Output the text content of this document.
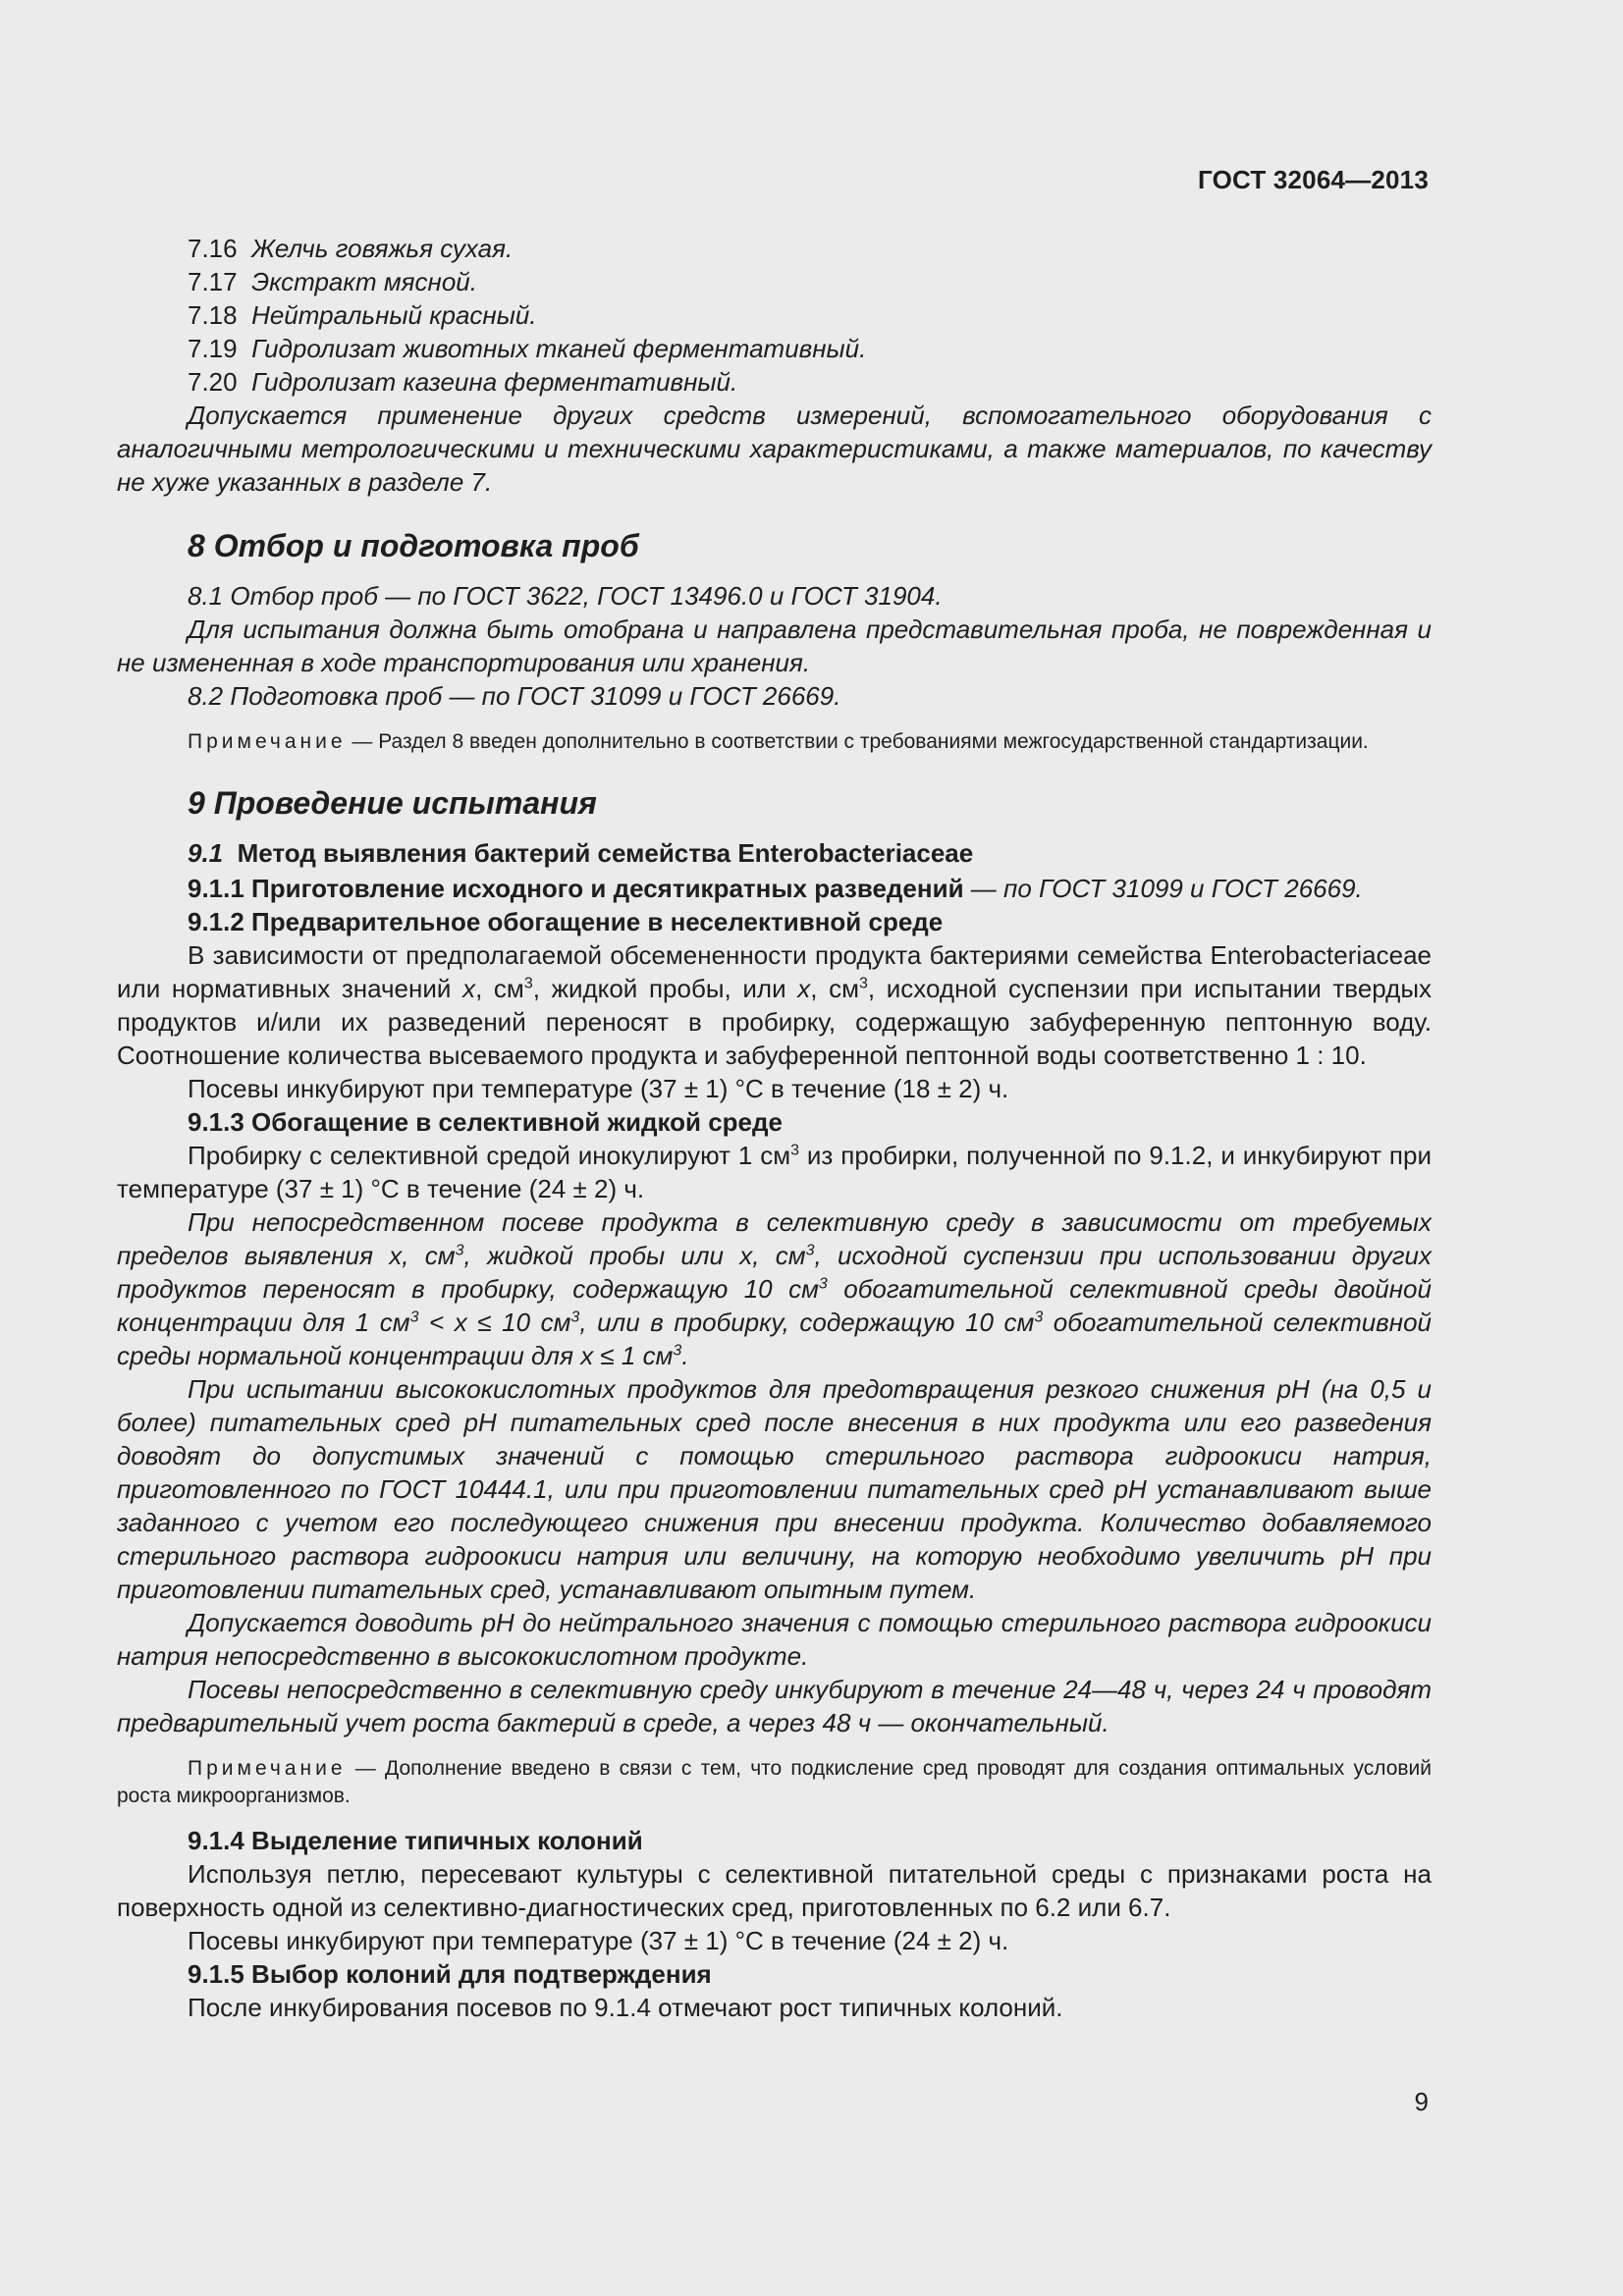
ГОСТ 32064—2013

7.16 Желчь говяжья сухая.

7.17 Экстракт мясной.

7.18 Нейтральный красный.

7.19 Гидролизат животных тканей ферментативный.

7.20 Гидролизат казеина ферментативный.

Допускается применение других средств измерений, вспомогательного оборудования с аналогичными метрологическими и техническими характеристиками, а также материалов, по качеству не хуже указанных в разделе 7.

8 Отбор и подготовка проб

8.1 Отбор проб — по ГОСТ 3622, ГОСТ 13496.0 и ГОСТ 31904.

Для испытания должна быть отобрана и направлена представительная проба, не поврежденная и не измененная в ходе транспортирования или хранения.

8.2 Подготовка проб — по ГОСТ 31099 и ГОСТ 26669.

Примечание — Раздел 8 введен дополнительно в соответствии с требованиями межгосударственной стандартизации.
9 Проведение испытания

9.1 Метод выявления бактерий семейства Enterobacteriaceae

9.1.1 Приготовление исходного и десятикратных разведений — по ГОСТ 31099 и ГОСТ 26669.

9.1.2 Предварительное обогащение в неселективной среде

В зависимости от предполагаемой обсемененности продукта бактериями семейства Enterobacteriaceae или нормативных значений x, $см^3$, жидкой пробы, или x, $см^3$, исходной суспензии при испытании твердых продуктов и/или их разведений переносят в пробирку, содержащую забуференную пептонную воду. Соотношение количества высеваемого продукта и забуференной пептонной воды соответственно 1 : 10.

Посевы инкубируют при температуре (37 ± 1) °С в течение (18 ± 2) ч.

9.1.3 Обогащение в селективной жидкой среде

Пробирку с селективной средой инокулируют 1 $см^3$ из пробирки, полученной по 9.1.2, и инкубируют при температуре (37 ± 1) °С в течение (24 ± 2) ч.

При непосредственном посеве продукта в селективную среду в зависимости от требуемых пределов выявления x, $см^3$, жидкой пробы или x, $см^3$, исходной суспензии при использовании других продуктов переносят в пробирку, содержащую 10 $см^3$ обогатительной селективной среды двойной концентрации для 1 $см^3 < x \le 10$ $см^3$, или в пробирку, содержащую 10 $см^3$ обогатительной селективной среды нормальной концентрации для x ≤ 1 $см^3$.

При испытании высококислотных продуктов для предотвращения резкого снижения рН (на 0,5 и более) питательных сред рН питательных сред после внесения в них продукта или его разведения доводят до допустимых значений с помощью стерильного раствора гидроокиси натрия, приготовленного по ГОСТ 10444.1, или при приготовлении питательных сред рН устанавливают выше заданного с учетом его последующего снижения при внесении продукта. Количество добавляемого стерильного раствора гидроокиси натрия или величину, на которую необходимо увеличить рН при приготовлении питательных сред, устанавливают опытным путем.

Допускается доводить рН до нейтрального значения с помощью стерильного раствора гидроокиси натрия непосредственно в высококислотном продукте.

Посевы непосредственно в селективную среду инкубируют в течение 24—48 ч, через 24 ч проводят предварительный учет роста бактерий в среде, а через 48 ч — окончательный.

Примечание — Дополнение введено в связи с тем, что подкисление сред проводят для создания оптимальных условий роста микроорганизмов.

9.1.4 Выделение типичных колоний

Используя петлю, пересевают культуры с селективной питательной среды с признаками роста на поверхность одной из селективно-диагностических сред, приготовленных по 6.2 или 6.7.

Посевы инкубируют при температуре (37 ± 1) °С в течение (24 ± 2) ч.

9.1.5 Выбор колоний для подтверждения

После инкубирования посевов по 9.1.4 отмечают рост типичных колоний.

9
